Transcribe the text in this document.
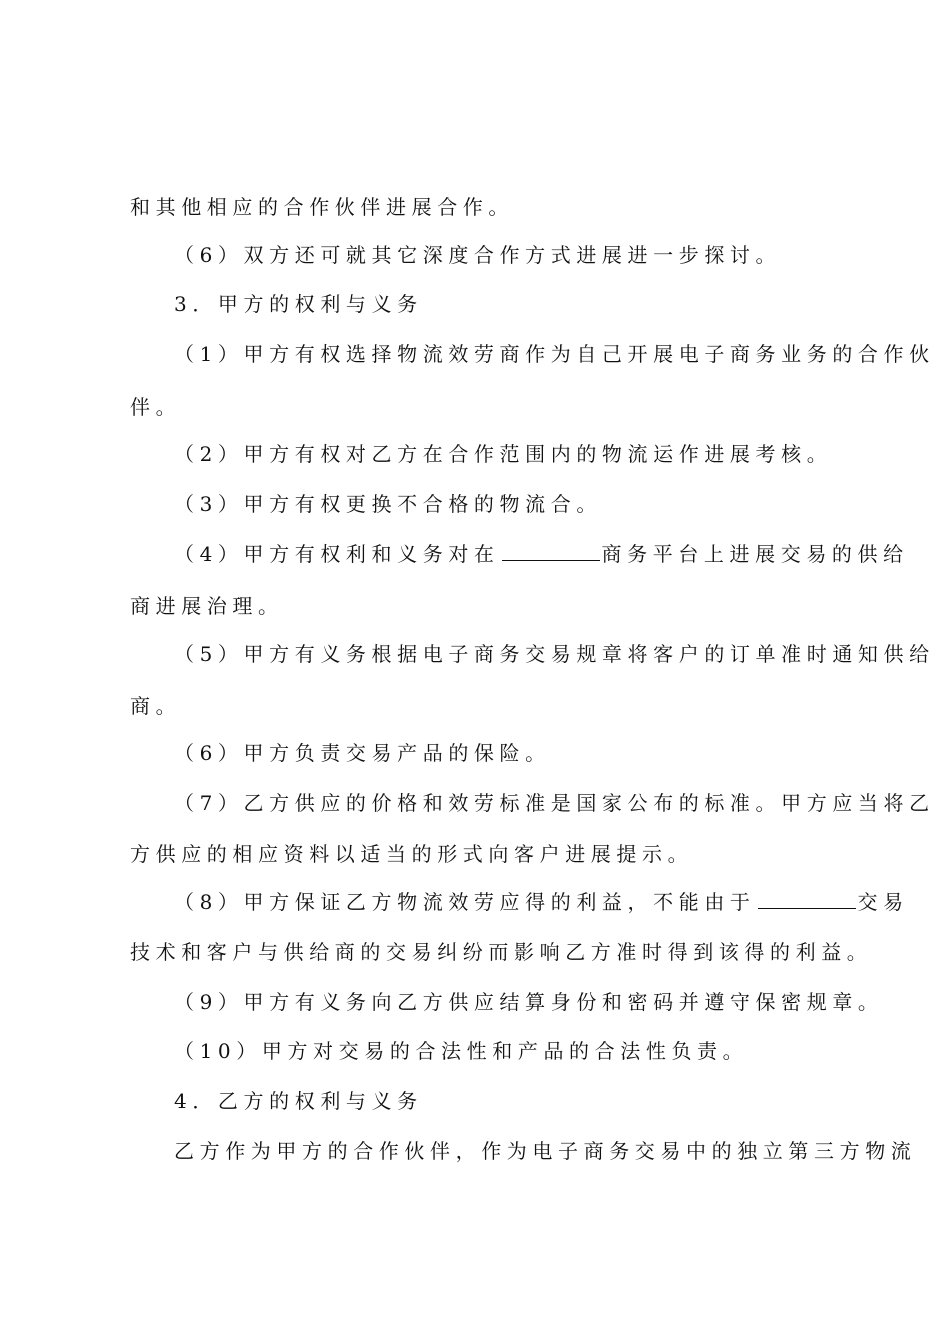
和其他相应的合作伙伴进展合作。
（6）双方还可就其它深度合作方式进展进一步探讨。
3．甲方的权利与义务
（1）甲方有权选择物流效劳商作为自己开展电子商务业务的合作伙
伴。
（2）甲方有权对乙方在合作范围内的物流运作进展考核。
（3）甲方有权更换不合格的物流合。
（4）甲方有权利和义务对在	商务平台上进展交易的供给
商进展治理。
（5）甲方有义务根据电子商务交易规章将客户的订单准时通知供给
商。
（6）甲方负责交易产品的保险。
（7）乙方供应的价格和效劳标准是国家公布的标准。甲方应当将乙
方供应的相应资料以适当的形式向客户进展提示。
（8）甲方保证乙方物流效劳应得的利益，不能由于	交易
技术和客户与供给商的交易纠纷而影响乙方准时得到该得的利益。
（9）甲方有义务向乙方供应结算身份和密码并遵守保密规章。
（10）甲方对交易的合法性和产品的合法性负责。
4．乙方的权利与义务
乙方作为甲方的合作伙伴，作为电子商务交易中的独立第三方物流
